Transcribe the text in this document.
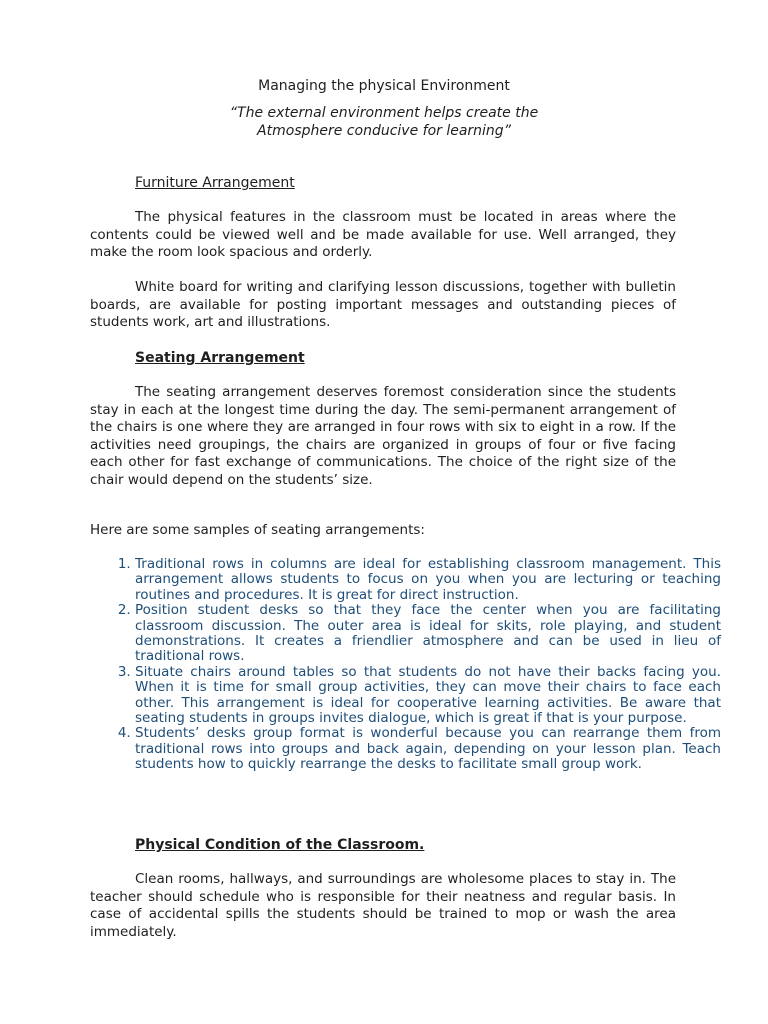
Managing the physical Environment
“The external environment helps create the
Atmosphere conducive for learning”
Furniture Arrangement

The physical features in the classroom must be located in areas where the contents could be viewed well and be made available for use. Well arranged, they make the room look spacious and orderly.

White board for writing and clarifying lesson discussions, together with bulletin boards, are available for posting important messages and outstanding pieces of students work, art and illustrations.

Seating Arrangement

The seating arrangement deserves foremost consideration since the students stay in each at the longest time during the day. The semi-permanent arrangement of the chairs is one where they are arranged in four rows with six to eight in a row. If the activities need groupings, the chairs are organized in groups of four or five facing each other for fast exchange of communications. The choice of the right size of the chair would depend on the students’ size.

Here are some samples of seating arrangements:

1. Traditional rows in columns are ideal for establishing classroom management. This arrangement allows students to focus on you when you are lecturing or teaching routines and procedures. It is great for direct instruction.
2. Position student desks so that they face the center when you are facilitating classroom discussion. The outer area is ideal for skits, role playing, and student demonstrations. It creates a friendlier atmosphere and can be used in lieu of traditional rows.
3. Situate chairs around tables so that students do not have their backs facing you. When it is time for small group activities, they can move their chairs to face each other. This arrangement is ideal for cooperative learning activities. Be aware that seating students in groups invites dialogue, which is great if that is your purpose.
4. Students’ desks group format is wonderful because you can rearrange them from traditional rows into groups and back again, depending on your lesson plan. Teach students how to quickly rearrange the desks to facilitate small group work.
Physical Condition of the Classroom.

Clean rooms, hallways, and surroundings are wholesome places to stay in. The teacher should schedule who is responsible for their neatness and regular basis. In case of accidental spills the students should be trained to mop or wash the area immediately.
